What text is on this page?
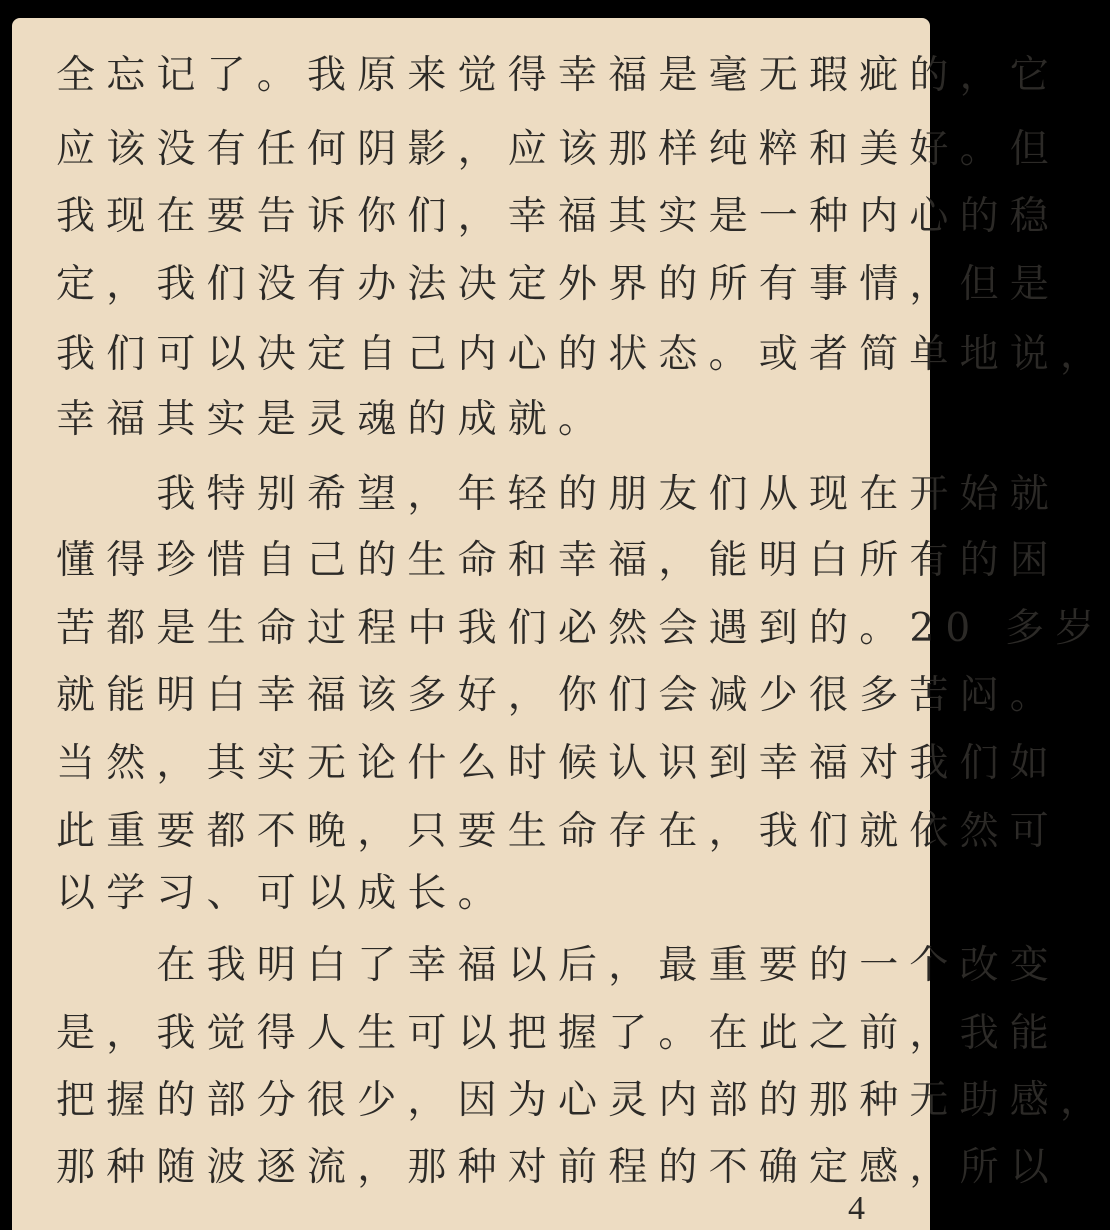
全忘记了。我原来觉得幸福是毫无瑕疵的，它
应该没有任何阴影，应该那样纯粹和美好。但
我现在要告诉你们，幸福其实是一种内心的稳
定，我们没有办法决定外界的所有事情，但是
我们可以决定自己内心的状态。或者简单地说，
幸福其实是灵魂的成就。
　　我特别希望，年轻的朋友们从现在开始就
懂得珍惜自己的生命和幸福，能明白所有的困
苦都是生命过程中我们必然会遇到的。20 多岁
就能明白幸福该多好，你们会减少很多苦闷。
当然，其实无论什么时候认识到幸福对我们如
此重要都不晚，只要生命存在，我们就依然可
以学习、可以成长。
　　在我明白了幸福以后，最重要的一个改变
是，我觉得人生可以把握了。在此之前，我能
把握的部分很少，因为心灵内部的那种无助感，
那种随波逐流，那种对前程的不确定感，所以
4
